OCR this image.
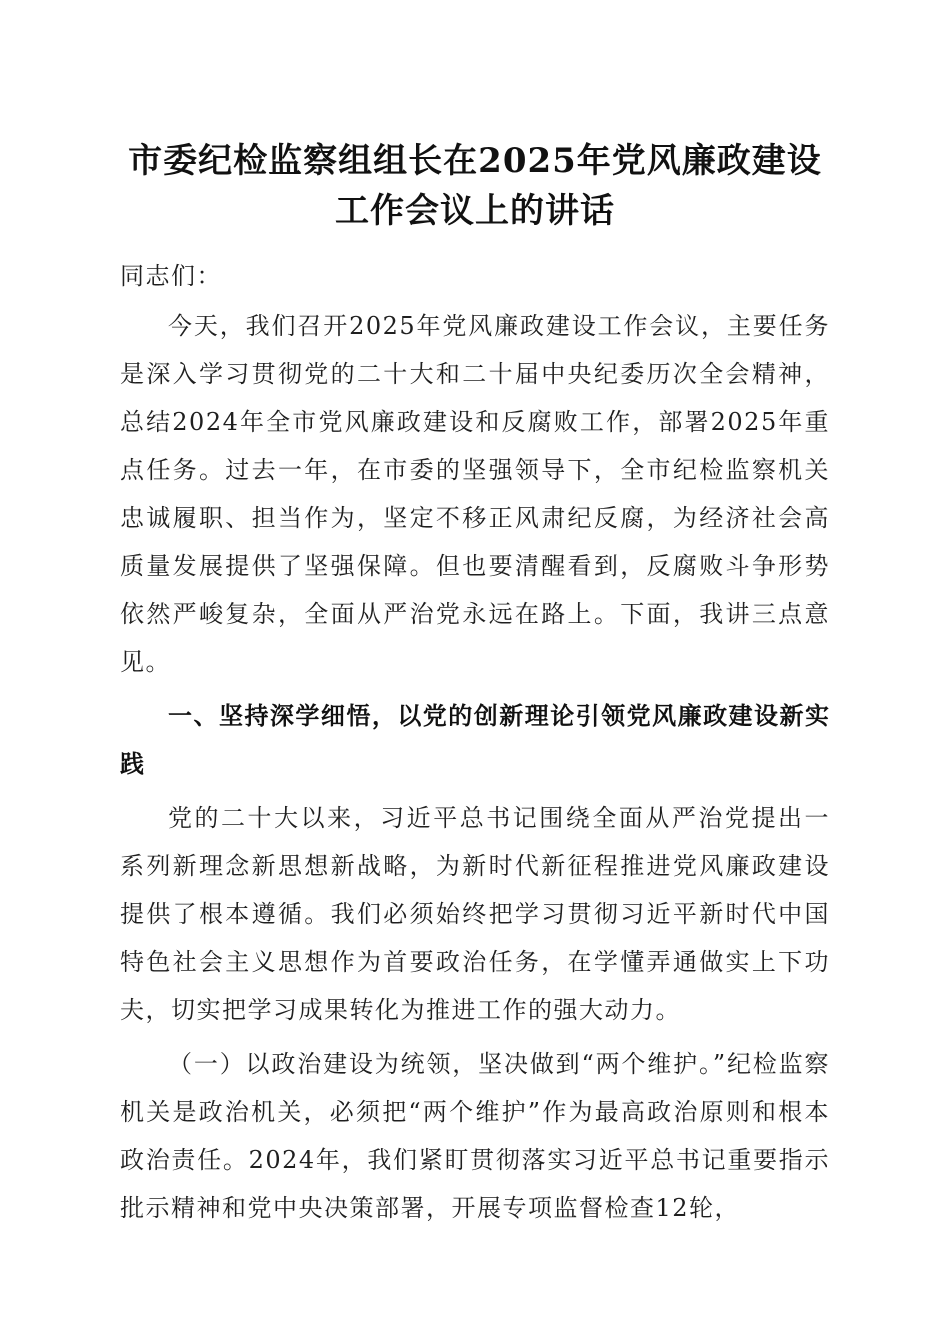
市委纪检监察组组长在2025年党风廉政建设
工作会议上的讲话

同志们：

今天，我们召开2025年党风廉政建设工作会议，主要任务是深入学习贯彻党的二十大和二十届中央纪委历次全会精神，总结2024年全市党风廉政建设和反腐败工作，部署2025年重点任务。过去一年，在市委的坚强领导下，全市纪检监察机关忠诚履职、担当作为，坚定不移正风肃纪反腐，为经济社会高质量发展提供了坚强保障。但也要清醒看到，反腐败斗争形势依然严峻复杂，全面从严治党永远在路上。下面，我讲三点意见。

一、坚持深学细悟，以党的创新理论引领党风廉政建设新实践

党的二十大以来，习近平总书记围绕全面从严治党提出一系列新理念新思想新战略，为新时代新征程推进党风廉政建设提供了根本遵循。我们必须始终把学习贯彻习近平新时代中国特色社会主义思想作为首要政治任务，在学懂弄通做实上下功夫，切实把学习成果转化为推进工作的强大动力。

（一）以政治建设为统领，坚决做到“两个维护。”纪检监察机关是政治机关，必须把“两个维护”作为最高政治原则和根本政治责任。2024年，我们紧盯贯彻落实习近平总书记重要指示批示精神和党中央决策部署，开展专项监督检查12轮，
